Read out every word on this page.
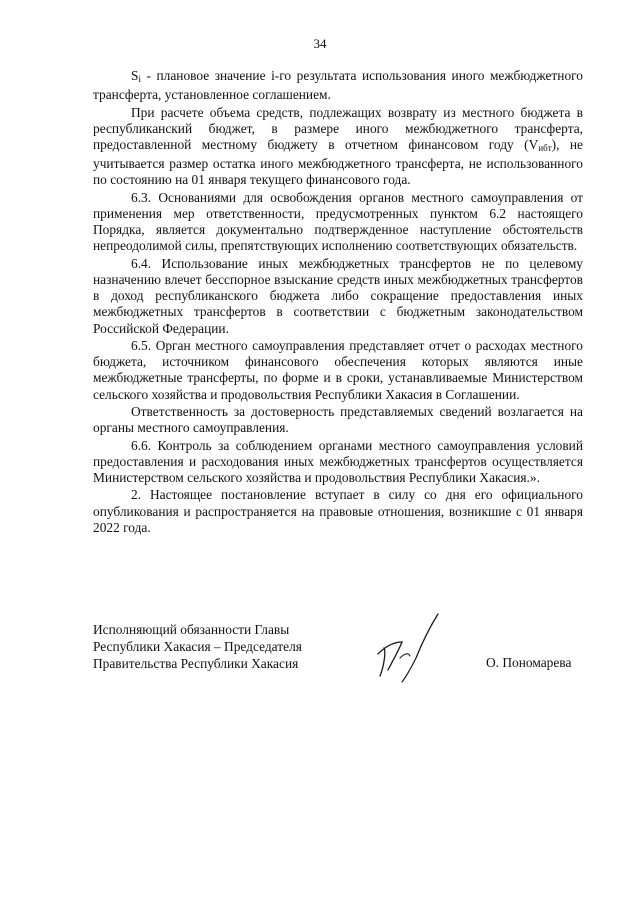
34

$S_i$ - плановое значение i-го результата использования иного межбюджетного трансферта, установленное соглашением.

При расчете объема средств, подлежащих возврату из местного бюджета в республиканский бюджет, в размере иного межбюджетного трансферта, предоставленной местному бюджету в отчетном финансовом году $(V_{ибт})$, не учитывается размер остатка иного межбюджетного трансферта, не использованного по состоянию на 01 января текущего финансового года.

6.3. Основаниями для освобождения органов местного самоуправления от применения мер ответственности, предусмотренных пунктом 6.2 настоящего Порядка, является документально подтвержденное наступление обстоятельств непреодолимой силы, препятствующих исполнению соответствующих обязательств.

6.4. Использование иных межбюджетных трансфертов не по целевому назначению влечет бесспорное взыскание средств иных межбюджетных трансфертов в доход республиканского бюджета либо сокращение предоставления иных межбюджетных трансфертов в соответствии с бюджетным законодательством Российской Федерации.

6.5. Орган местного самоуправления представляет отчет о расходах местного бюджета, источником финансового обеспечения которых являются иные межбюджетные трансферты, по форме и в сроки, устанавливаемые Министерством сельского хозяйства и продовольствия Республики Хакасия в Соглашении.

Ответственность за достоверность представляемых сведений возлагается на органы местного самоуправления.

6.6. Контроль за соблюдением органами местного самоуправления условий предоставления и расходования иных межбюджетных трансфертов осуществляется Министерством сельского хозяйства и продовольствия Республики Хакасия.».

2. Настоящее постановление вступает в силу со дня его официального опубликования и распространяется на правовые отношения, возникшие с 01 января 2022 года.

Исполняющий обязанности Главы
Республики Хакасия – Председателя
Правительства Республики Хакасия	О. Пономарева
